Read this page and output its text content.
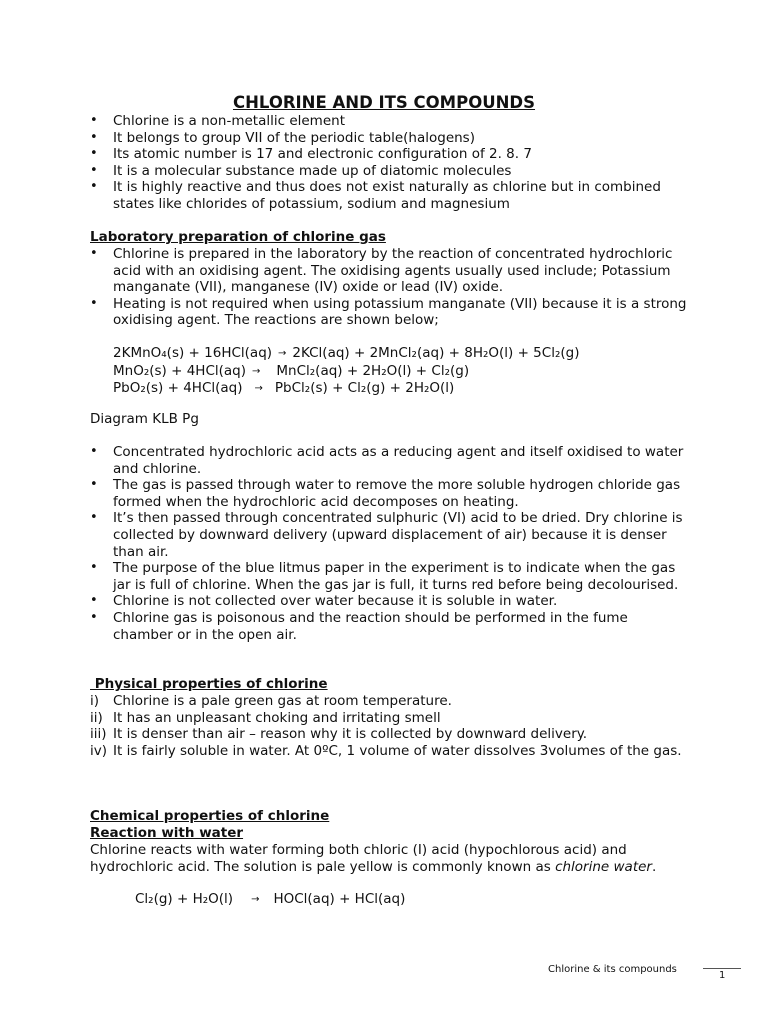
CHLORINE AND ITS COMPOUNDS
• Chlorine is a non-metallic element
• It belongs to group VII of the periodic table(halogens)
• Its atomic number is 17 and electronic configuration of 2. 8. 7
• It is a molecular substance made up of diatomic molecules
• It is highly reactive and thus does not exist naturally as chlorine but in combined states like chlorides of potassium, sodium and magnesium
Laboratory preparation of chlorine gas
• Chlorine is prepared in the laboratory by the reaction of concentrated hydrochloric acid with an oxidising agent. The oxidising agents usually used include; Potassium manganate (VII), manganese (IV) oxide or lead (IV) oxide.
• Heating is not required when using potassium manganate (VII) because it is a strong oxidising agent. The reactions are shown below;
2KMnO₄(s) + 16HCl(aq) → 2KCl(aq) + 2MnCl₂(aq) + 8H₂O(l) + 5Cl₂(g)
MnO₂(s) + 4HCl(aq) → MnCl₂(aq) + 2H₂O(l) + Cl₂(g)
PbO₂(s) + 4HCl(aq) → PbCl₂(s) + Cl₂(g) + 2H₂O(l)
Diagram KLB Pg
• Concentrated hydrochloric acid acts as a reducing agent and itself oxidised to water and chlorine.
• The gas is passed through water to remove the more soluble hydrogen chloride gas formed when the hydrochloric acid decomposes on heating.
• It’s then passed through concentrated sulphuric (VI) acid to be dried. Dry chlorine is collected by downward delivery (upward displacement of air) because it is denser than air.
• The purpose of the blue litmus paper in the experiment is to indicate when the gas jar is full of chlorine. When the gas jar is full, it turns red before being decolourised.
• Chlorine is not collected over water because it is soluble in water.
• Chlorine gas is poisonous and the reaction should be performed in the fume chamber or in the open air.
Physical properties of chlorine
i) Chlorine is a pale green gas at room temperature.
ii) It has an unpleasant choking and irritating smell
iii) It is denser than air – reason why it is collected by downward delivery.
iv) It is fairly soluble in water. At 0ºC, 1 volume of water dissolves 3volumes of the gas.
Chemical properties of chlorine
Reaction with water
Chlorine reacts with water forming both chloric (I) acid (hypochlorous acid) and hydrochloric acid. The solution is pale yellow is commonly known as chlorine water.
Cl₂(g) + H₂O(l) → HOCl(aq) + HCl(aq)
Chlorine & its compounds
1
